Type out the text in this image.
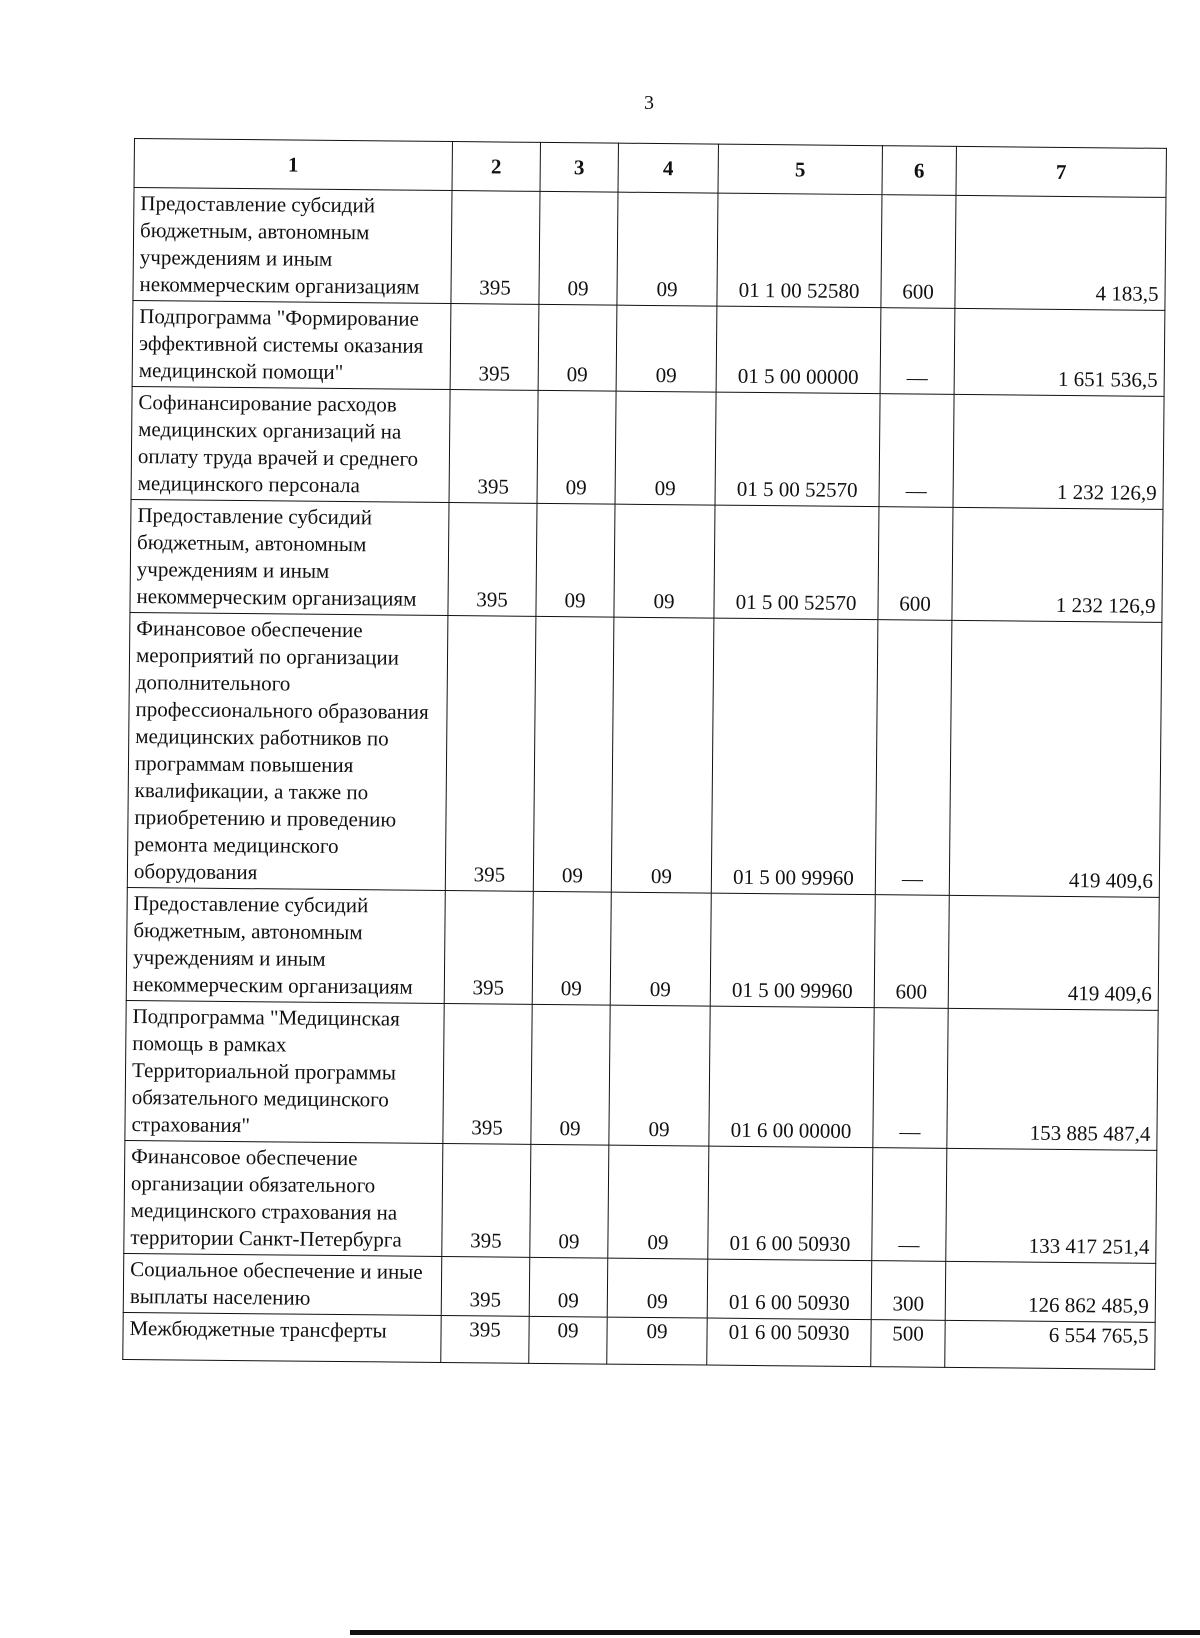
3
1	2	3	4	5	6	7
Предоставление субсидий бюджетным, автономным учреждениям и иным некоммерческим организациям	395	09	09	01 1 00 52580	600	4 183,5
Подпрограмма "Формирование эффективной системы оказания медицинской помощи"	395	09	09	01 5 00 00000	—	1 651 536,5
Софинансирование расходов медицинских организаций на оплату труда врачей и среднего медицинского персонала	395	09	09	01 5 00 52570	—	1 232 126,9
Предоставление субсидий бюджетным, автономным учреждениям и иным некоммерческим организациям	395	09	09	01 5 00 52570	600	1 232 126,9
Финансовое обеспечение мероприятий по организации дополнительного профессионального образования медицинских работников по программам повышения квалификации, а также по приобретению и проведению ремонта медицинского оборудования	395	09	09	01 5 00 99960	—	419 409,6
Предоставление субсидий бюджетным, автономным учреждениям и иным некоммерческим организациям	395	09	09	01 5 00 99960	600	419 409,6
Подпрограмма "Медицинская помощь в рамках Территориальной программы обязательного медицинского страхования"	395	09	09	01 6 00 00000	—	153 885 487,4
Финансовое обеспечение организации обязательного медицинского страхования на территории Санкт-Петербурга	395	09	09	01 6 00 50930	—	133 417 251,4
Социальное обеспечение и иные выплаты населению	395	09	09	01 6 00 50930	300	126 862 485,9
Межбюджетные трансферты	395	09	09	01 6 00 50930	500	6 554 765,5
